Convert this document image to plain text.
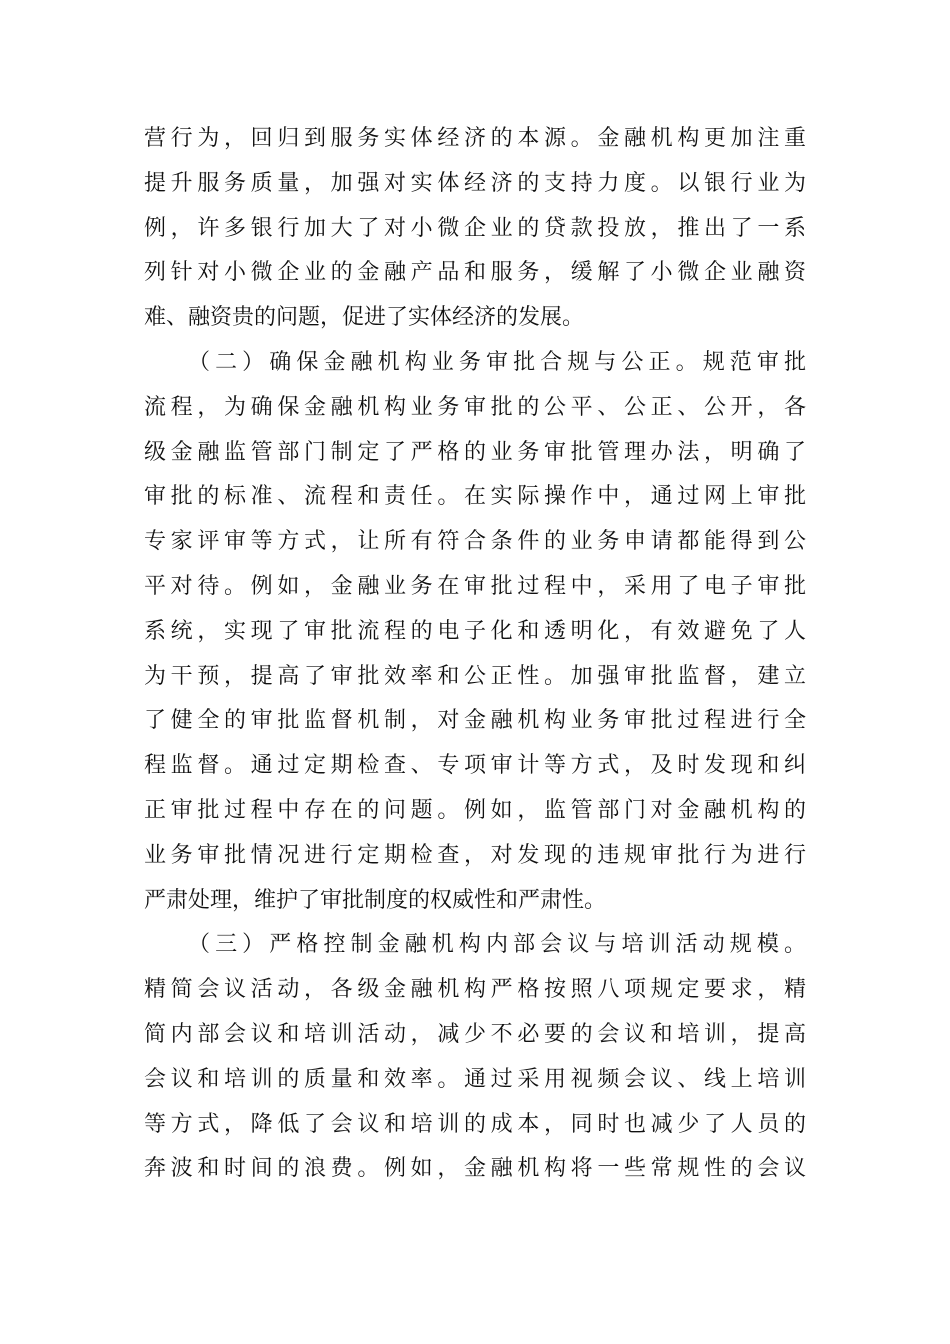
营行为，回归到服务实体经济的本源。金融机构更加注重
提升服务质量，加强对实体经济的支持力度。以银行业为
例，许多银行加大了对小微企业的贷款投放，推出了一系
列针对小微企业的金融产品和服务，缓解了小微企业融资
难、融资贵的问题，促进了实体经济的发展。
（二）确保金融机构业务审批合规与公正。规范审批
流程，为确保金融机构业务审批的公平、公正、公开，各
级金融监管部门制定了严格的业务审批管理办法，明确了
审批的标准、流程和责任。在实际操作中，通过网上审批
专家评审等方式，让所有符合条件的业务申请都能得到公
平对待。例如，金融业务在审批过程中，采用了电子审批
系统，实现了审批流程的电子化和透明化，有效避免了人
为干预，提高了审批效率和公正性。加强审批监督，建立
了健全的审批监督机制，对金融机构业务审批过程进行全
程监督。通过定期检查、专项审计等方式，及时发现和纠
正审批过程中存在的问题。例如，监管部门对金融机构的
业务审批情况进行定期检查，对发现的违规审批行为进行
严肃处理，维护了审批制度的权威性和严肃性。
（三）严格控制金融机构内部会议与培训活动规模。
精简会议活动，各级金融机构严格按照八项规定要求，精
简内部会议和培训活动，减少不必要的会议和培训，提高
会议和培训的质量和效率。通过采用视频会议、线上培训
等方式，降低了会议和培训的成本，同时也减少了人员的
奔波和时间的浪费。例如，金融机构将一些常规性的会议
